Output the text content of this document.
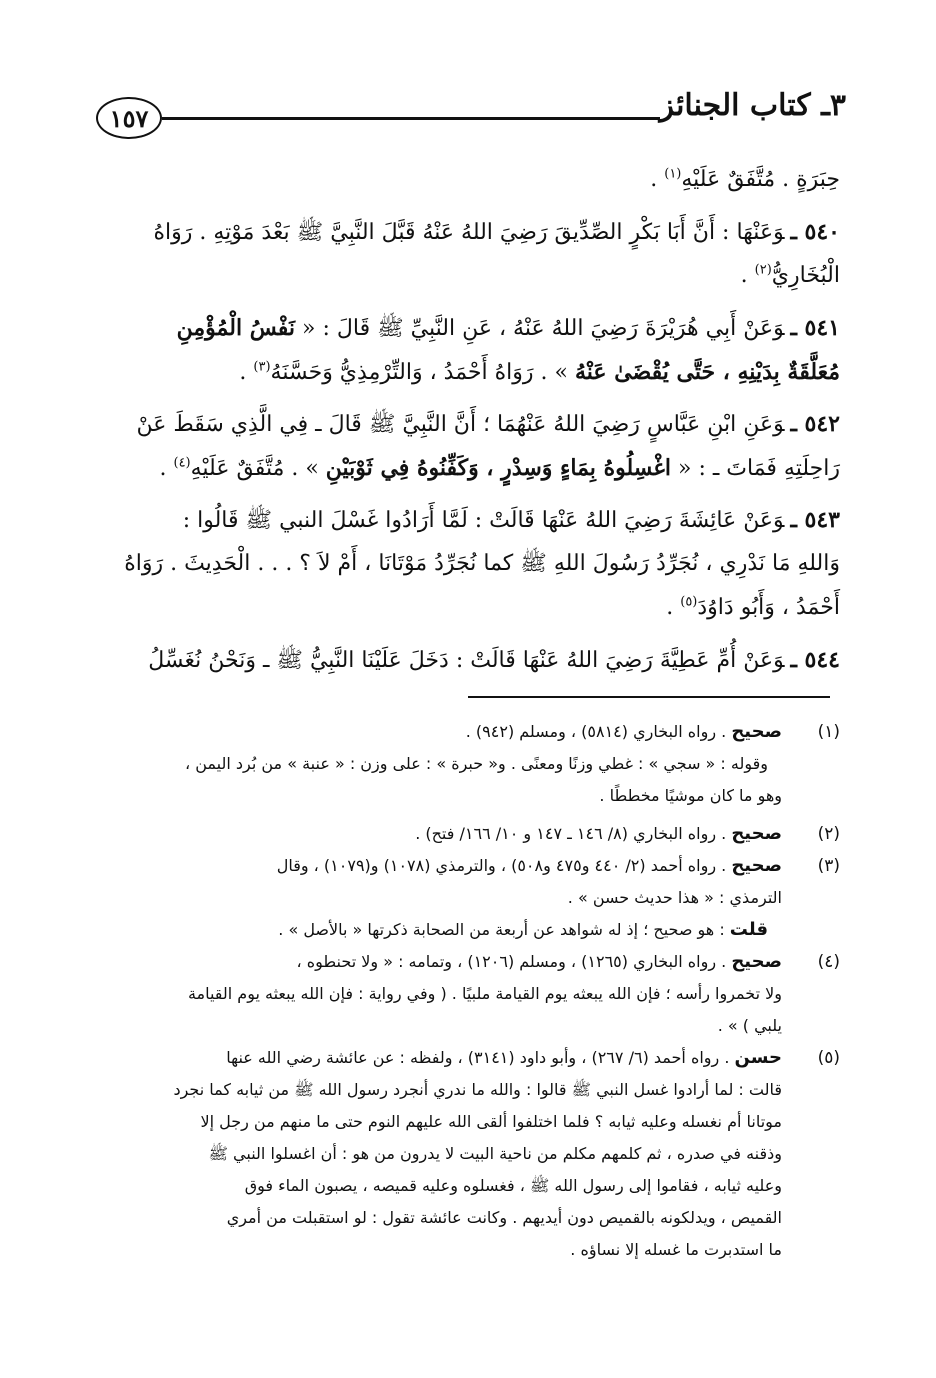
٣ـ كتاب الجنائز
١٥٧
حِبَرَةٍ . مُتَّفَقٌ عَلَيْهِ$^{(١)}$ .
٥٤٠ ـوَعَنْهَا : أَنَّ أَبَا بَكْرٍ الصِّدِّيقَ رَضِيَ اللهُ عَنْهُ قَبَّلَ النَّبِيَّ ﷺ بَعْدَ مَوْتِهِ . رَوَاهُ
الْبُخَارِيُّ$^{(٢)}$ .
٥٤١ ـوَعَنْ أَبِي هُرَيْرَةَ رَضِيَ اللهُ عَنْهُ ، عَنِ النَّبِيِّ ﷺ قَالَ : « نَفْسُ الْمُؤْمِنِ
مُعَلَّقَةٌ بِدَيْنِهِ ، حَتَّى يُقْضَىٰ عَنْهُ » . رَوَاهُ أَحْمَدُ ، وَالتِّرْمِذِيُّ وَحَسَّنَهُ$^{(٣)}$ .
٥٤٢ ـوَعَنِ ابْنِ عَبَّاسٍ رَضِيَ اللهُ عَنْهُمَا ؛ أَنَّ النَّبِيَّ ﷺ قَالَ ـ فِي الَّذِي سَقَطَ عَنْ
رَاحِلَتِهِ فَمَاتَ ـ : « اغْسِلُوهُ بِمَاءٍ وَسِدْرٍ ، وَكَفِّنُوهُ فِي ثَوْبَيْنِ » . مُتَّفَقٌ عَلَيْهِ$^{(٤)}$ .
٥٤٣ ـوَعَنْ عَائِشَةَ رَضِيَ اللهُ عَنْهَا قَالَتْ : لَمَّا أَرَادُوا غَسْلَ النبي ﷺ قَالُوا :
وَاللهِ مَا نَدْرِي ، نُجَرِّدُ رَسُولَ اللهِ ﷺ كما نُجَرِّدُ مَوْتَانَا ، أَمْ لاَ ؟ . . . الْحَدِيثَ . رَوَاهُ
أَحْمَدُ ، وَأَبُو دَاوُدَ$^{(٥)}$ .
٥٤٤ ـوَعَنْ أُمِّ عَطِيَّةَ رَضِيَ اللهُ عَنْهَا قَالَتْ : دَخَلَ عَلَيْنَا النَّبِيُّ ﷺ ـ وَنَحْنُ نُغَسِّلُ
(١)
صحيح . رواه البخاري (٥٨١٤) ، ومسلم (٩٤٢) .
وقوله : « سجي » : غطي وزنًا ومعنًى . و« حبرة » : على وزن : « عنبة » من بُرد اليمن ،
وهو ما كان موشيًا مخططًا .
(٢)
صحيح . رواه البخاري (٨/ ١٤٦ ـ ١٤٧ و ١٠/ ١٦٦/ فتح) .
(٣)
صحيح . رواه أحمد (٢/ ٤٤٠ و٤٧٥ و٥٠٨) ، والترمذي (١٠٧٨) و(١٠٧٩) ، وقال
الترمذي : « هذا حديث حسن » .
قلت : هو صحيح ؛ إذ له شواهد عن أربعة من الصحابة ذكرتها « بالأصل » .
(٤)
صحيح . رواه البخاري (١٢٦٥) ، ومسلم (١٢٠٦) ، وتمامه : « ولا تحنطوه ،
ولا تخمروا رأسه ؛ فإن الله يبعثه يوم القيامة ملبيًا . ( وفي رواية : فإن الله يبعثه يوم القيامة
يلبي ) » .
(٥)
حسن . رواه أحمد (٦/ ٢٦٧) ، وأبو داود (٣١٤١) ، ولفظه : عن عائشة رضي الله عنها
قالت : لما أرادوا غسل النبي ﷺ قالوا : والله ما ندري أنجرد رسول الله ﷺ من ثيابه كما نجرد
موتانا أم نغسله وعليه ثيابه ؟ فلما اختلفوا ألقى الله عليهم النوم حتى ما منهم من رجل إلا
وذقنه في صدره ، ثم كلمهم مكلم من ناحية البيت لا يدرون من هو : أن اغسلوا النبي ﷺ
وعليه ثيابه ، فقاموا إلى رسول الله ﷺ ، فغسلوه وعليه قميصه ، يصبون الماء فوق
القميص ، ويدلكونه بالقميص دون أيديهم . وكانت عائشة تقول : لو استقبلت من أمري
ما استدبرت ما غسله إلا نساؤه .
